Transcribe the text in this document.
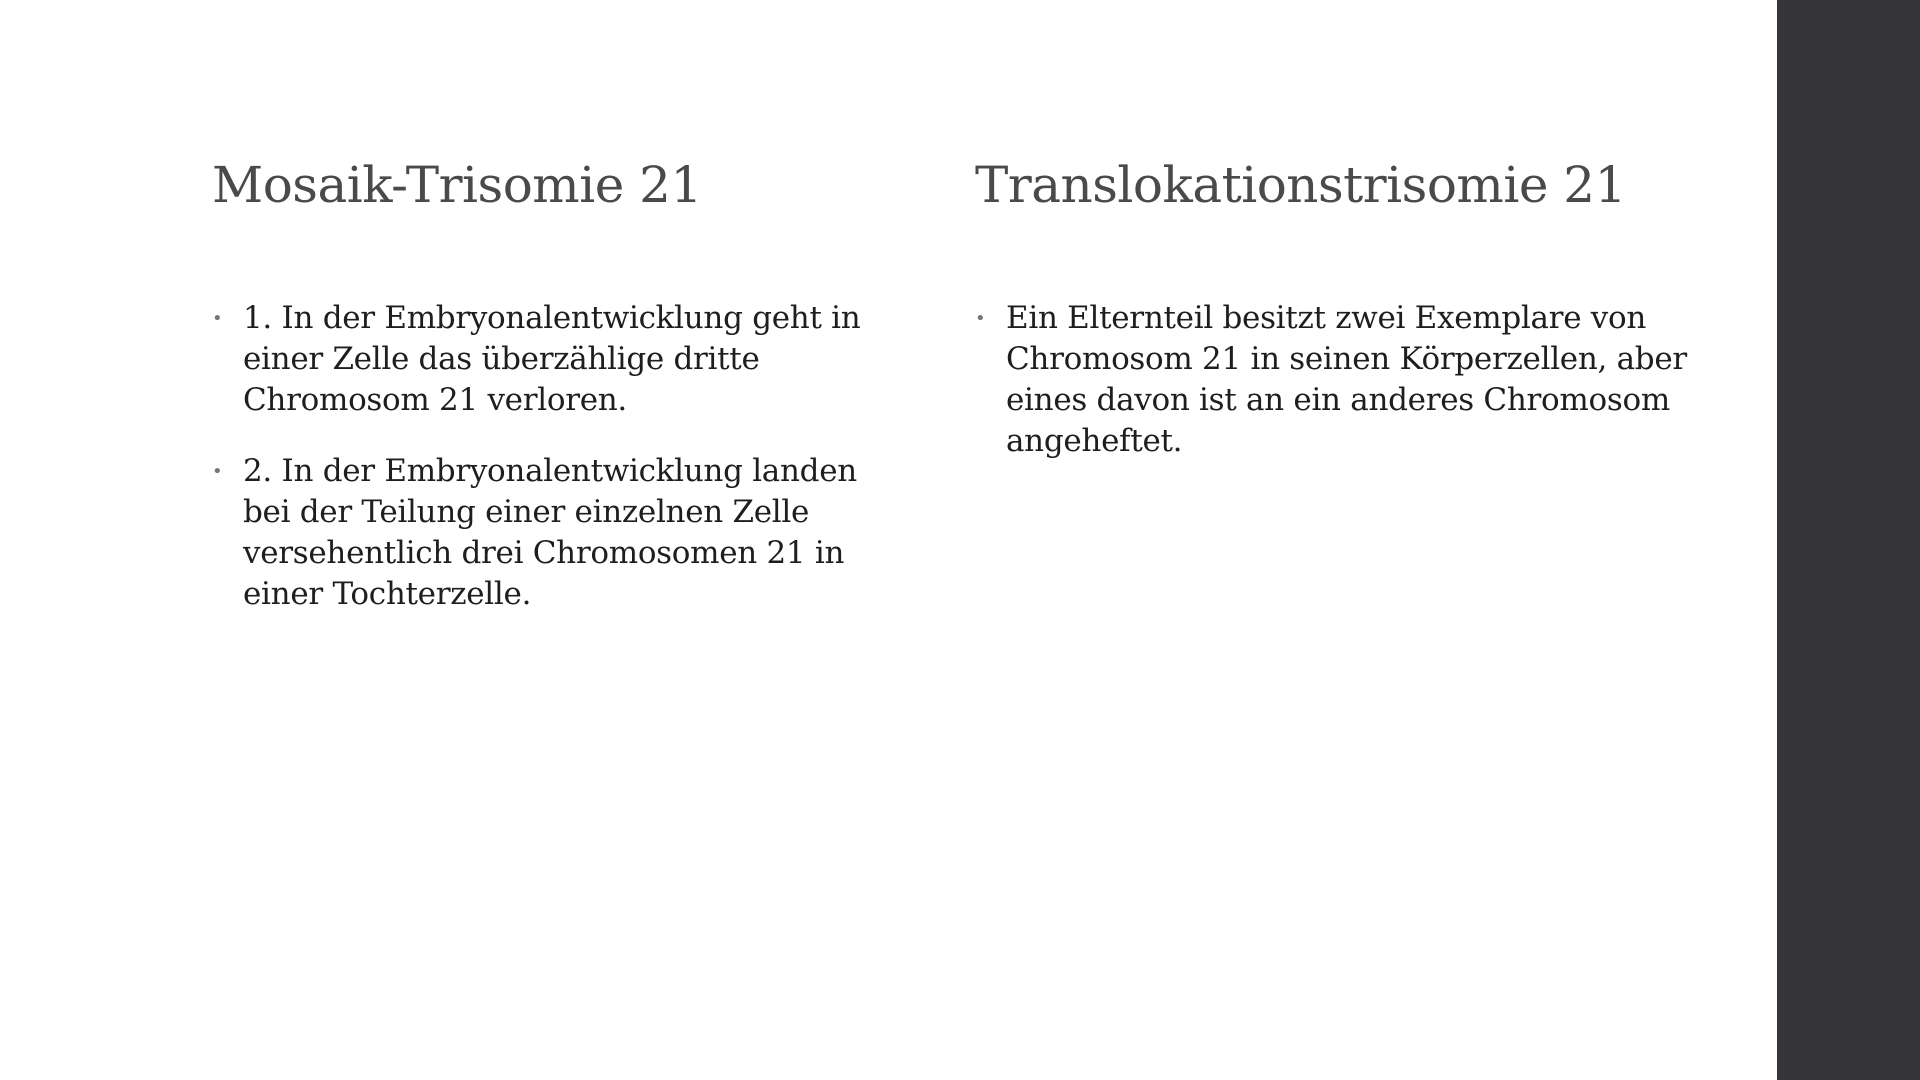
Mosaik-Trisomie 21
• 1. In der Embryonalentwicklung geht in einer Zelle das überzählige dritte Chromosom 21 verloren.
• 2. In der Embryonalentwicklung landen bei der Teilung einer einzelnen Zelle versehentlich drei Chromosomen 21 in einer Tochterzelle.
Translokationstrisomie 21
• Ein Elternteil besitzt zwei Exemplare von Chromosom 21 in seinen Körperzellen, aber eines davon ist an ein anderes Chromosom angeheftet.
